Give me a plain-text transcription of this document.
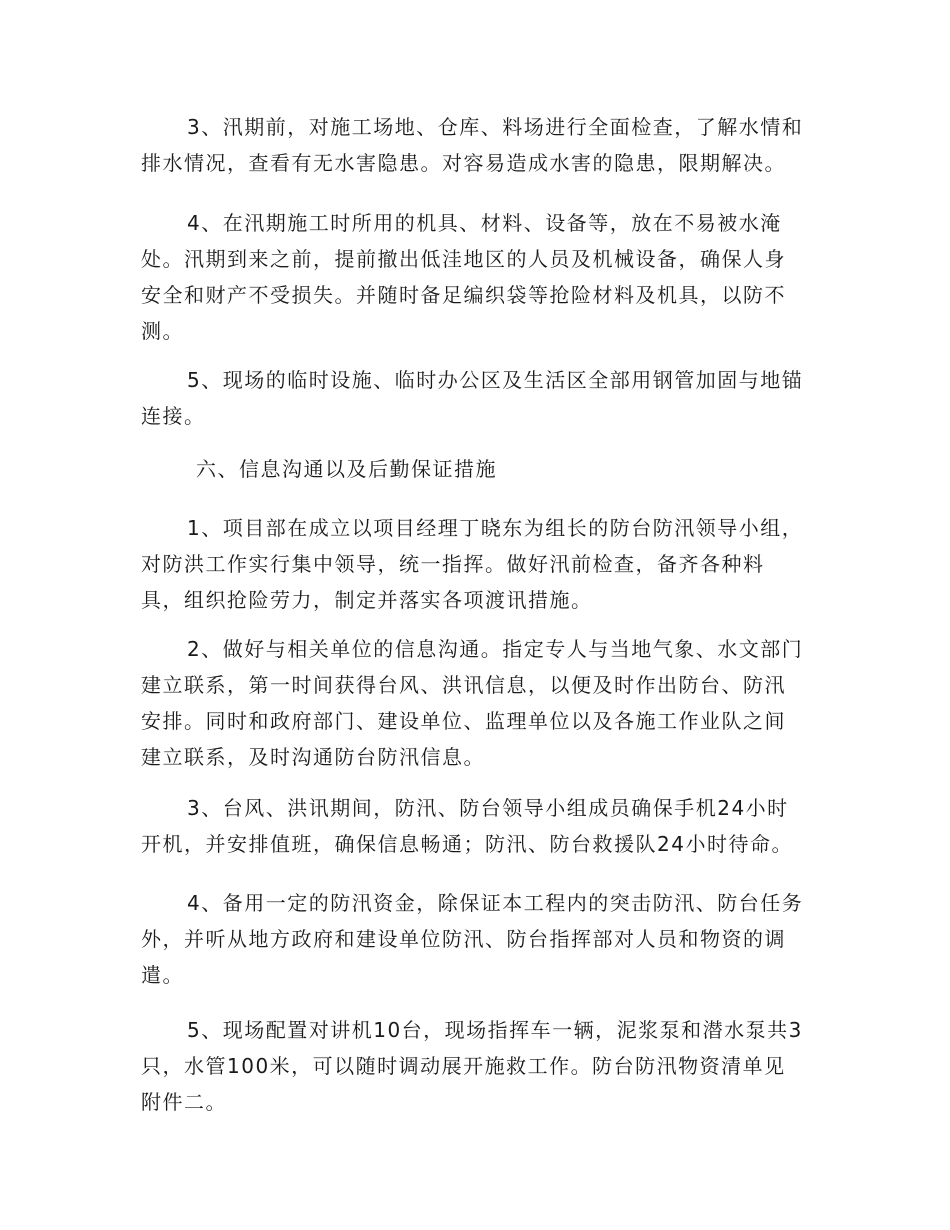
3、汛期前，对施工场地、仓库、料场进行全面检查，了解水情和
排水情况，查看有无水害隐患。对容易造成水害的隐患，限期解决。

4、在汛期施工时所用的机具、材料、设备等，放在不易被水淹
处。汛期到来之前，提前撤出低洼地区的人员及机械设备，确保人身
安全和财产不受损失。并随时备足编织袋等抢险材料及机具，以防不
测。

5、现场的临时设施、临时办公区及生活区全部用钢管加固与地锚
连接。

六、信息沟通以及后勤保证措施

1、项目部在成立以项目经理丁晓东为组长的防台防汛领导小组，
对防洪工作实行集中领导，统一指挥。做好汛前检查，备齐各种料
具，组织抢险劳力，制定并落实各项渡讯措施。

2、做好与相关单位的信息沟通。指定专人与当地气象、水文部门
建立联系，第一时间获得台风、洪讯信息，以便及时作出防台、防汛
安排。同时和政府部门、建设单位、监理单位以及各施工作业队之间
建立联系，及时沟通防台防汛信息。

3、台风、洪讯期间，防汛、防台领导小组成员确保手机24小时
开机，并安排值班，确保信息畅通；防汛、防台救援队24小时待命。

4、备用一定的防汛资金，除保证本工程内的突击防汛、防台任务
外，并听从地方政府和建设单位防汛、防台指挥部对人员和物资的调
遣。

5、现场配置对讲机10台，现场指挥车一辆，泥浆泵和潜水泵共3
只，水管100米，可以随时调动展开施救工作。防台防汛物资清单见
附件二。
